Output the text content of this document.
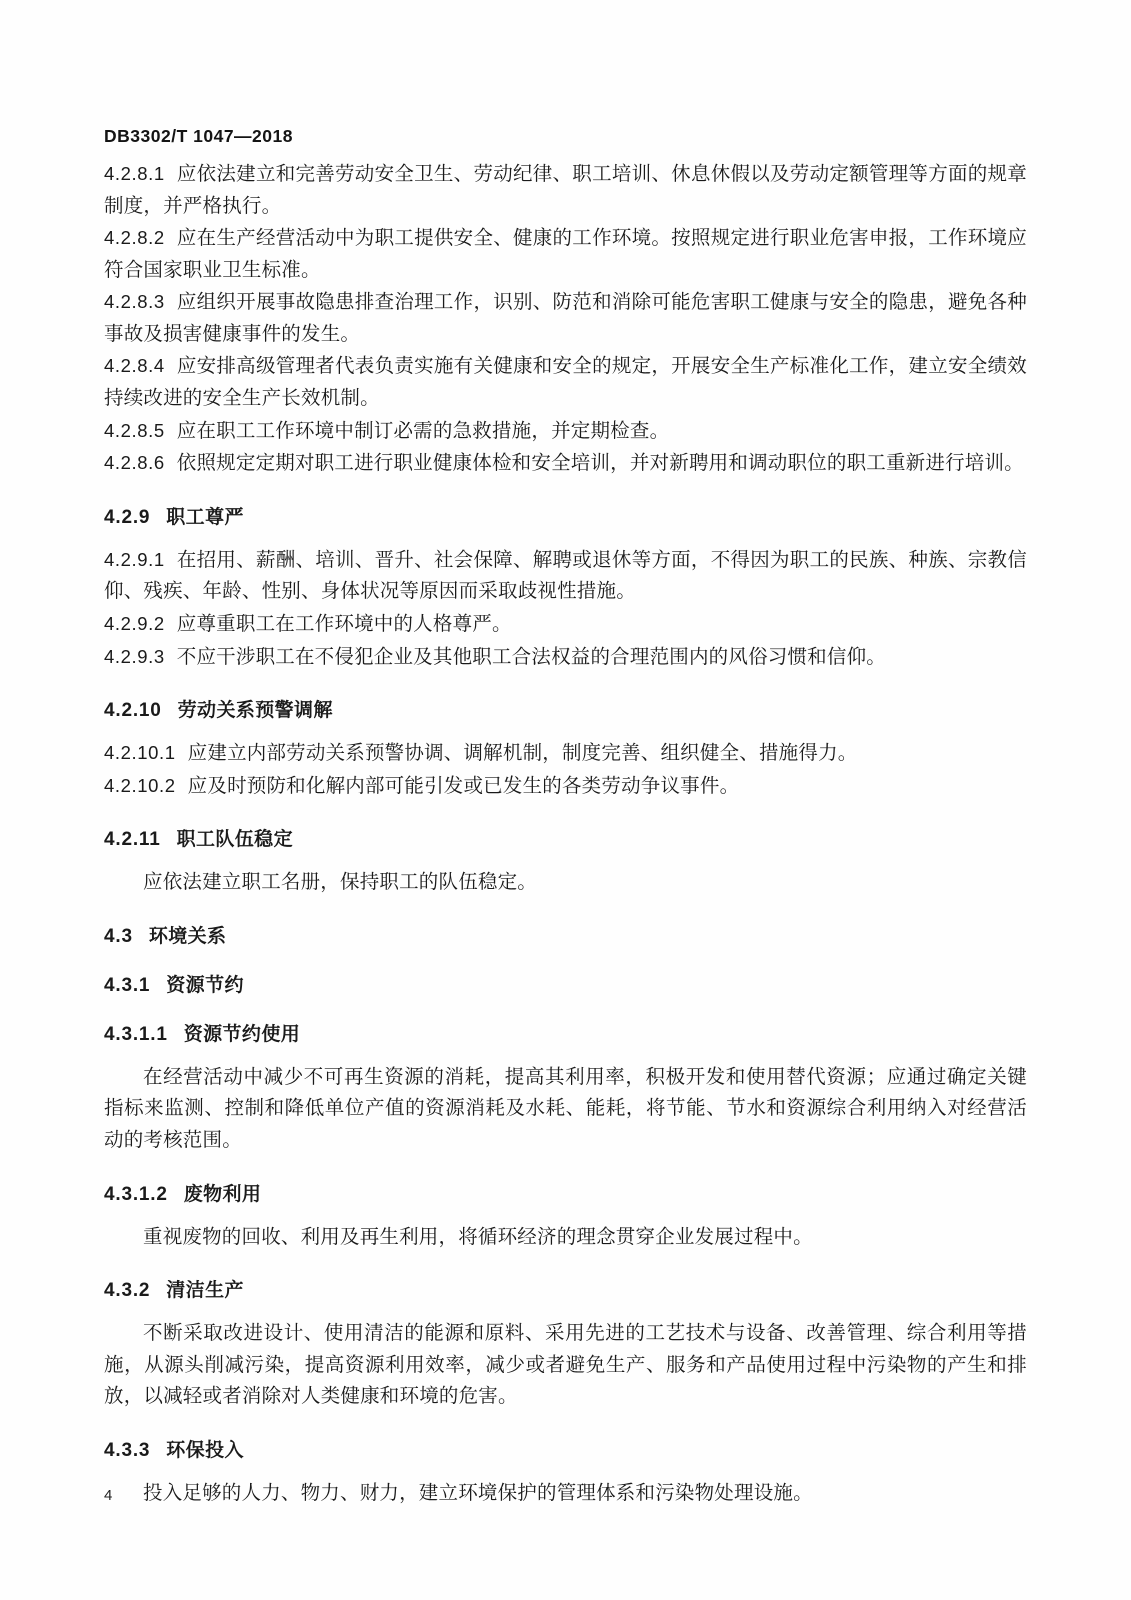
DB3302/T 1047—2018

4.2.8.1 应依法建立和完善劳动安全卫生、劳动纪律、职工培训、休息休假以及劳动定额管理等方面的规章制度，并严格执行。

4.2.8.2 应在生产经营活动中为职工提供安全、健康的工作环境。按照规定进行职业危害申报，工作环境应符合国家职业卫生标准。

4.2.8.3 应组织开展事故隐患排查治理工作，识别、防范和消除可能危害职工健康与安全的隐患，避免各种事故及损害健康事件的发生。

4.2.8.4 应安排高级管理者代表负责实施有关健康和安全的规定，开展安全生产标准化工作，建立安全绩效持续改进的安全生产长效机制。

4.2.8.5 应在职工工作环境中制订必需的急救措施，并定期检查。

4.2.8.6 依照规定定期对职工进行职业健康体检和安全培训，并对新聘用和调动职位的职工重新进行培训。

4.2.9 职工尊严

4.2.9.1 在招用、薪酬、培训、晋升、社会保障、解聘或退休等方面，不得因为职工的民族、种族、宗教信仰、残疾、年龄、性别、身体状况等原因而采取歧视性措施。

4.2.9.2 应尊重职工在工作环境中的人格尊严。

4.2.9.3 不应干涉职工在不侵犯企业及其他职工合法权益的合理范围内的风俗习惯和信仰。

4.2.10 劳动关系预警调解

4.2.10.1 应建立内部劳动关系预警协调、调解机制，制度完善、组织健全、措施得力。

4.2.10.2 应及时预防和化解内部可能引发或已发生的各类劳动争议事件。

4.2.11 职工队伍稳定

应依法建立职工名册，保持职工的队伍稳定。

4.3 环境关系

4.3.1 资源节约

4.3.1.1 资源节约使用

在经营活动中减少不可再生资源的消耗，提高其利用率，积极开发和使用替代资源；应通过确定关键指标来监测、控制和降低单位产值的资源消耗及水耗、能耗，将节能、节水和资源综合利用纳入对经营活动的考核范围。

4.3.1.2 废物利用

重视废物的回收、利用及再生利用，将循环经济的理念贯穿企业发展过程中。

4.3.2 清洁生产

不断采取改进设计、使用清洁的能源和原料、采用先进的工艺技术与设备、改善管理、综合利用等措施，从源头削减污染，提高资源利用效率，减少或者避免生产、服务和产品使用过程中污染物的产生和排放，以减轻或者消除对人类健康和环境的危害。

4.3.3 环保投入

投入足够的人力、物力、财力，建立环境保护的管理体系和污染物处理设施。

4
